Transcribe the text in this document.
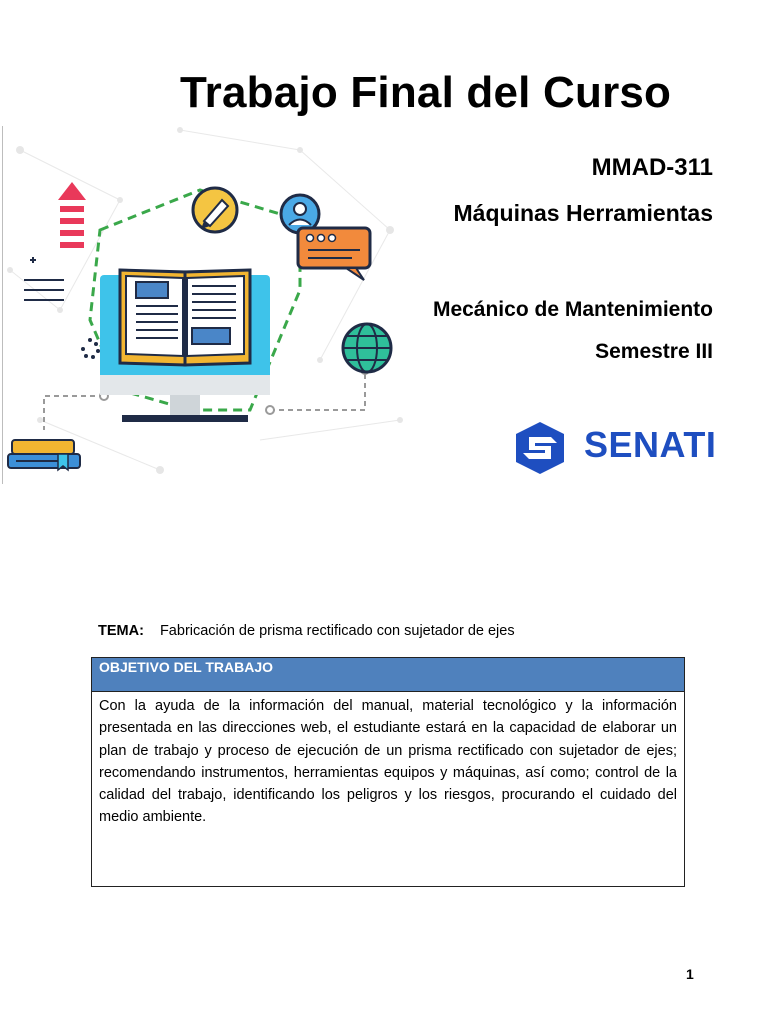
Trabajo Final del Curso

MMAD-311

Máquinas Herramientas

Mecánico de Mantenimiento

Semestre III

SENATI

TEMA: Fabricación de prisma rectificado con sujetador de ejes
OBJETIVO DEL TRABAJO
Con la ayuda de la información del manual, material tecnológico y la información presentada en las direcciones web, el estudiante estará en la capacidad de elaborar un plan de trabajo y proceso de ejecución de un prisma rectificado con sujetador de ejes; recomendando instrumentos, herramientas equipos y máquinas, así como; control de la calidad del trabajo, identificando los peligros y los riesgos, procurando el cuidado del medio ambiente.
1
